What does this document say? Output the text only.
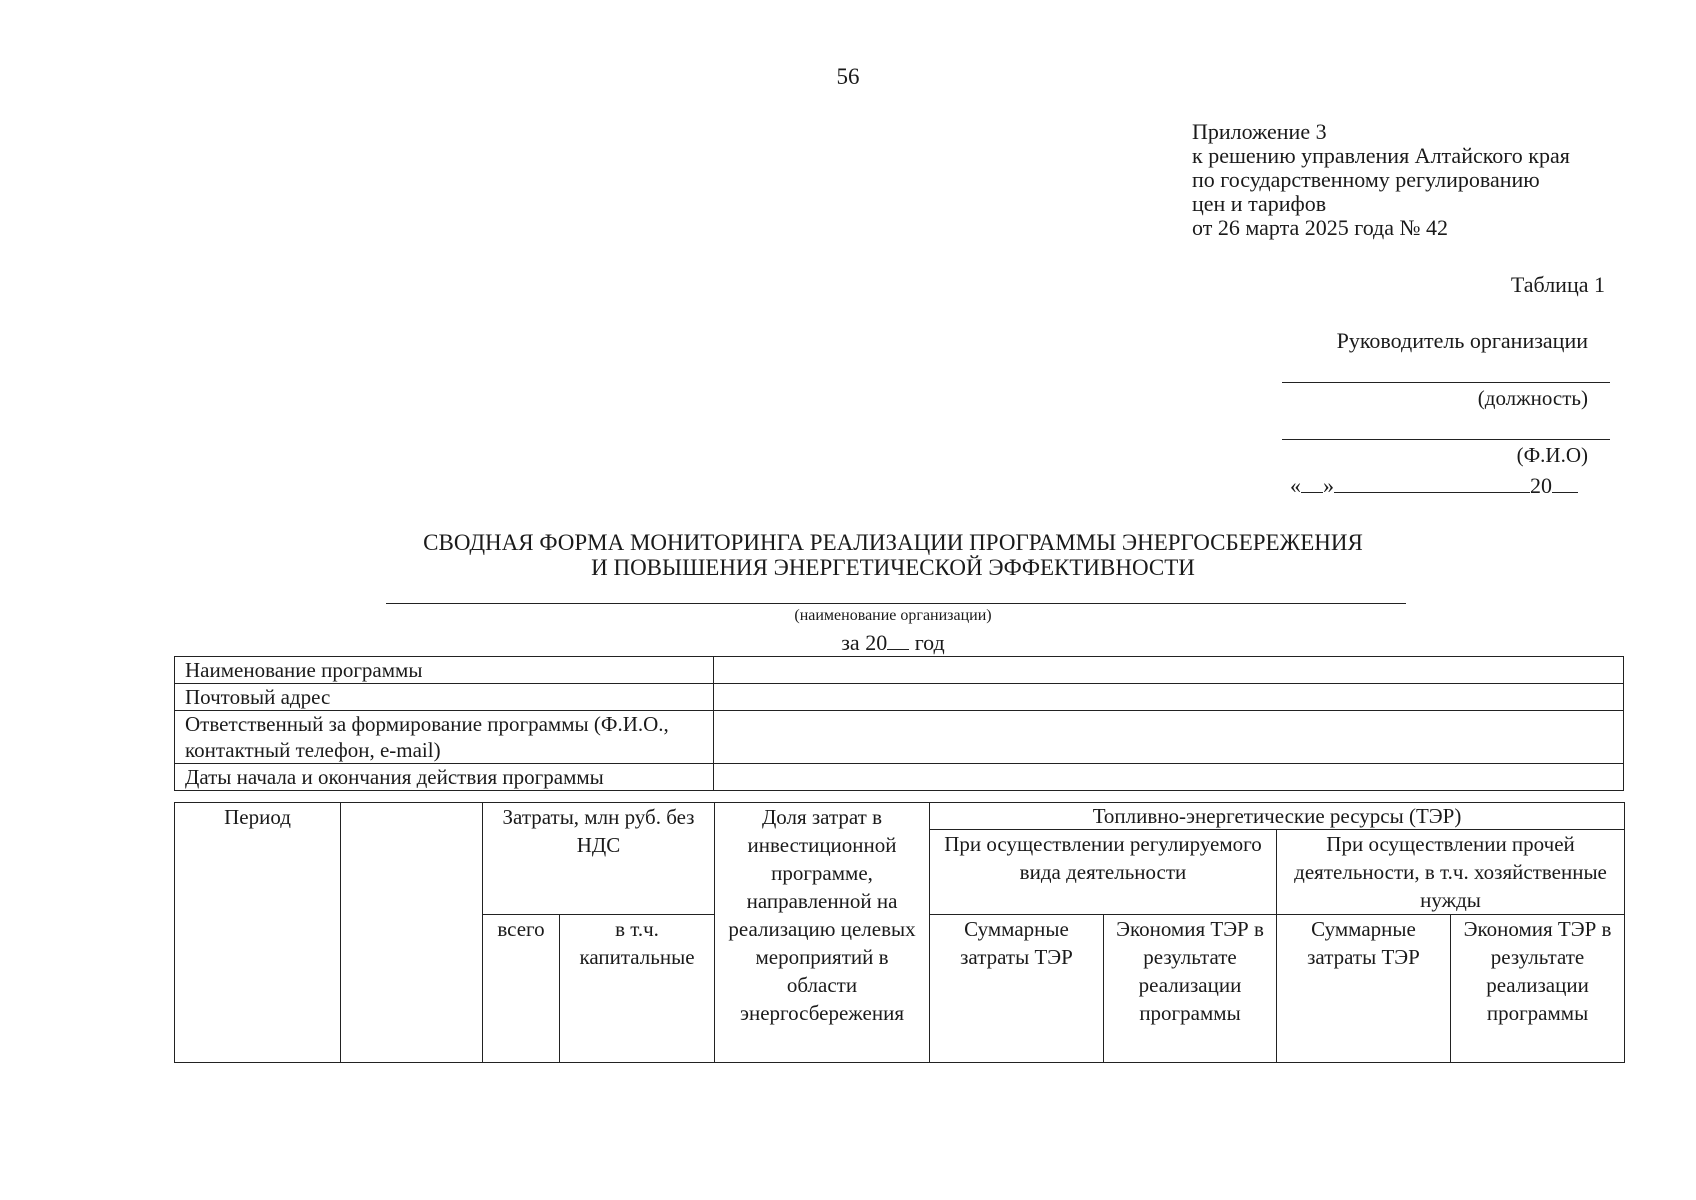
56
Приложение 3
к решению управления Алтайского края
по государственному регулированию
цен и тарифов
от 26 марта 2025 года № 42
Таблица 1
Руководитель организации
(должность)
(Ф.И.О)
« »	20
СВОДНАЯ ФОРМА МОНИТОРИНГА РЕАЛИЗАЦИИ ПРОГРАММЫ ЭНЕРГОСБЕРЕЖЕНИЯ
И ПОВЫШЕНИЯ ЭНЕРГЕТИЧЕСКОЙ ЭФФЕКТИВНОСТИ
(наименование организации)
за 20 год
Наименование программы	
Почтовый адрес	
Ответственный за формирование программы (Ф.И.О., контактный телефон, e-mail)	
Даты начала и окончания действия программы	
Период		Затраты, млн руб. без НДС		Доля затрат в инвестиционной программе, направленной на реализацию целевых мероприятий в области энергосбережения	Топливно-энергетические ресурсы (ТЭР)			
					При осуществлении регулируемого вида деятельности		При осуществлении прочей деятельности, в т.ч. хозяйственные нужды	
		всего	в т.ч. капитальные		Суммарные затраты ТЭР	Экономия ТЭР в результате реализации программы	Суммарные затраты ТЭР	Экономия ТЭР в результате реализации программы
